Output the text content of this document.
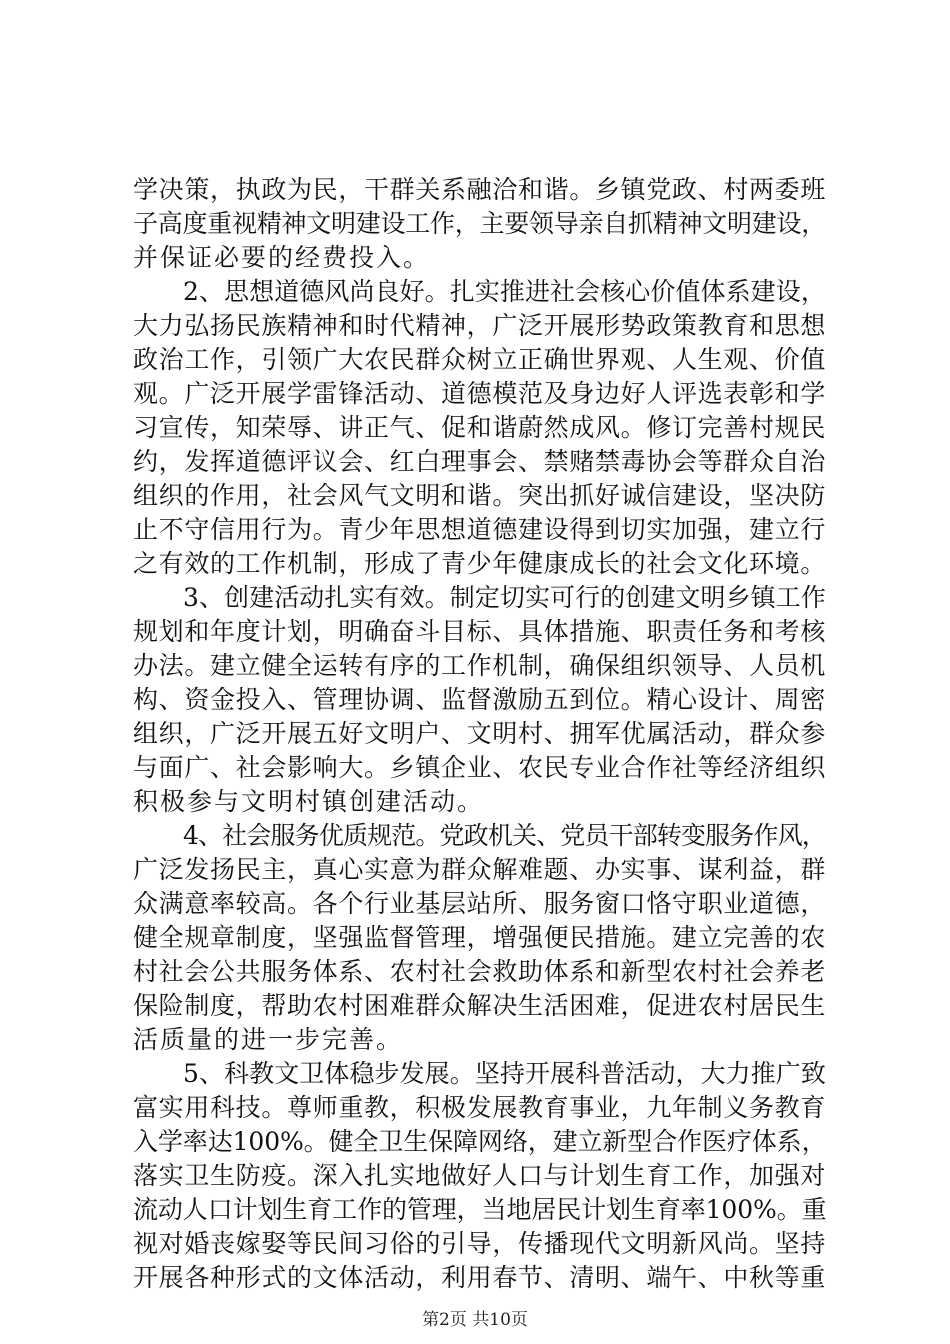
学决策，执政为民，干群关系融洽和谐。乡镇党政、村两委班

子高度重视精神文明建设工作，主要领导亲自抓精神文明建设，

并保证必要的经费投入。

2、思想道德风尚良好。扎实推进社会核心价值体系建设，

大力弘扬民族精神和时代精神，广泛开展形势政策教育和思想

政治工作，引领广大农民群众树立正确世界观、人生观、价值

观。广泛开展学雷锋活动、道德模范及身边好人评选表彰和学

习宣传，知荣辱、讲正气、促和谐蔚然成风。修订完善村规民

约，发挥道德评议会、红白理事会、禁赌禁毒协会等群众自治

组织的作用，社会风气文明和谐。突出抓好诚信建设，坚决防

止不守信用行为。青少年思想道德建设得到切实加强，建立行

之有效的工作机制，形成了青少年健康成长的社会文化环境。

3、创建活动扎实有效。制定切实可行的创建文明乡镇工作

规划和年度计划，明确奋斗目标、具体措施、职责任务和考核

办法。建立健全运转有序的工作机制，确保组织领导、人员机

构、资金投入、管理协调、监督激励五到位。精心设计、周密

组织，广泛开展五好文明户、文明村、拥军优属活动，群众参

与面广、社会影响大。乡镇企业、农民专业合作社等经济组织

积极参与文明村镇创建活动。

4、社会服务优质规范。党政机关、党员干部转变服务作风，

广泛发扬民主，真心实意为群众解难题、办实事、谋利益，群

众满意率较高。各个行业基层站所、服务窗口恪守职业道德，

健全规章制度，坚强监督管理，增强便民措施。建立完善的农

村社会公共服务体系、农村社会救助体系和新型农村社会养老

保险制度，帮助农村困难群众解决生活困难，促进农村居民生

活质量的进一步完善。

5、科教文卫体稳步发展。坚持开展科普活动，大力推广致

富实用科技。尊师重教，积极发展教育事业，九年制义务教育

入学率达100%。健全卫生保障网络，建立新型合作医疗体系，

落实卫生防疫。深入扎实地做好人口与计划生育工作，加强对

流动人口计划生育工作的管理，当地居民计划生育率100%。重

视对婚丧嫁娶等民间习俗的引导，传播现代文明新风尚。坚持

开展各种形式的文体活动，利用春节、清明、端午、中秋等重

第2页 共10页
